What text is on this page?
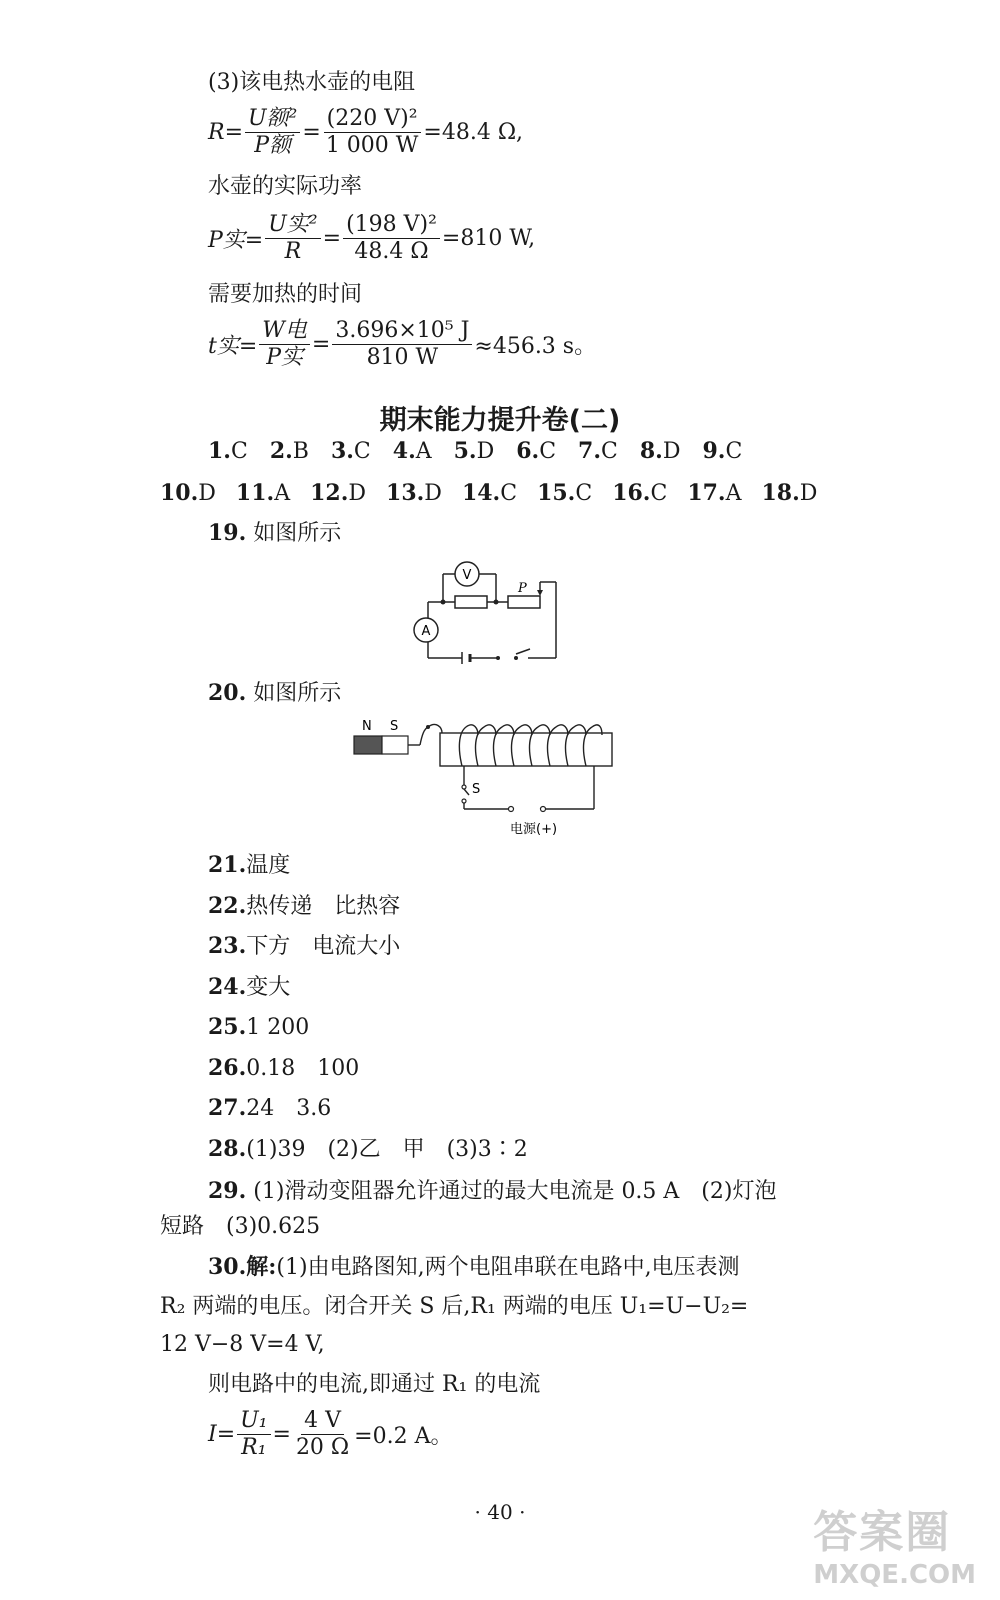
(3)该电热水壶的电阻
$R= \frac{\text{U额²}}{\text{P额}} = \frac{\text{(220 V)²}}{1 000 W} =48.4$ Ω,
水壶的实际功率
P实= $\frac{\text{U实²}}{R} = \frac{\text{(198 V)²}}{48.4 \Omega} =810$ W,
需要加热的时间
t实= $\frac{\text{W电}}{\text{P实}} = \frac{\text{3.696×10⁵ J}}{810 W} \approx 456.3$ s。
期末能力提升卷(二)
1.C 2.B 3.C 4.A 5.D 6.C 7.C 8.D 9.C
10.D 11.A 12.D 13.D 14.C 15.C 16.C 17.A 18.D
19. 如图所示
V
A
P
20. 如图所示
N S
S
电源(+)
21.温度
22.热传递　比热容
23.下方　电流大小
24.变大
25.1 200
26.0.18　100
27.24　3.6
28.(1)39　(2)乙　甲　(3)3∶2
29. (1)滑动变阻器允许通过的最大电流是 0.5 A　(2)灯泡
短路　(3)0.625
30.解:(1)由电路图知,两个电阻串联在电路中,电压表测
R₂ 两端的电压。闭合开关 S 后,R₁ 两端的电压 U₁=U−U₂=
12 V−8 V=4 V,
则电路中的电流,即通过 R₁ 的电流
$I= \frac{\text{U₁}}{\text{R₁}} = \frac{4 V}{20 \Omega} =0.2$ A。
· 40 ·	答案圈
MXQE.COM
